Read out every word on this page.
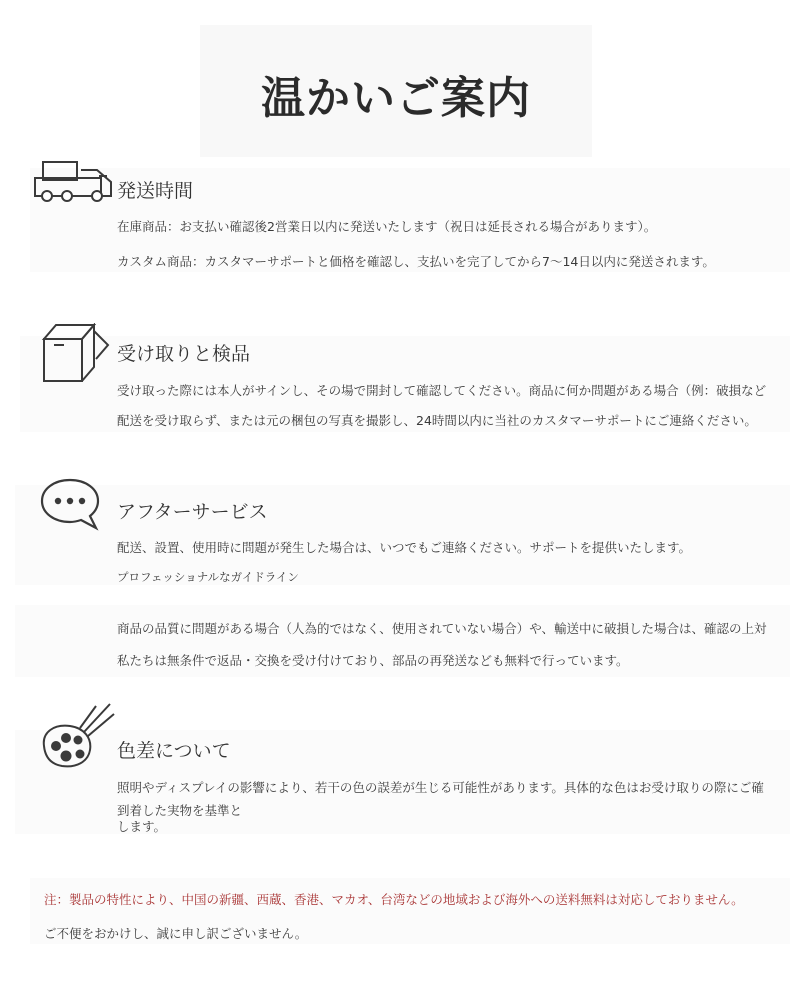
温かいご案内
発送時間
在庫商品：お支払い確認後2営業日以内に発送いたします（祝日は延長される場合があります）。
カスタム商品：カスタマーサポートと価格を確認し、支払いを完了してから7～14日以内に発送されます。
受け取りと検品
受け取った際には本人がサインし、その場で開封して確認してください。商品に何か問題がある場合（例：破損など
配送を受け取らず、または元の梱包の写真を撮影し、24時間以内に当社のカスタマーサポートにご連絡ください。
アフターサービス
配送、設置、使用時に問題が発生した場合は、いつでもご連絡ください。サポートを提供いたします。
プロフェッショナルなガイドライン
商品の品質に問題がある場合（人為的ではなく、使用されていない場合）や、輸送中に破損した場合は、確認の上対
私たちは無条件で返品・交換を受け付けており、部品の再発送なども無料で行っています。
色差について
照明やディスプレイの影響により、若干の色の誤差が生じる可能性があります。具体的な色はお受け取りの際にご確
到着した実物を基準と
します。
注：製品の特性により、中国の新疆、西蔵、香港、マカオ、台湾などの地域および海外への送料無料は対応しておりません。
ご不便をおかけし、誠に申し訳ございません。
